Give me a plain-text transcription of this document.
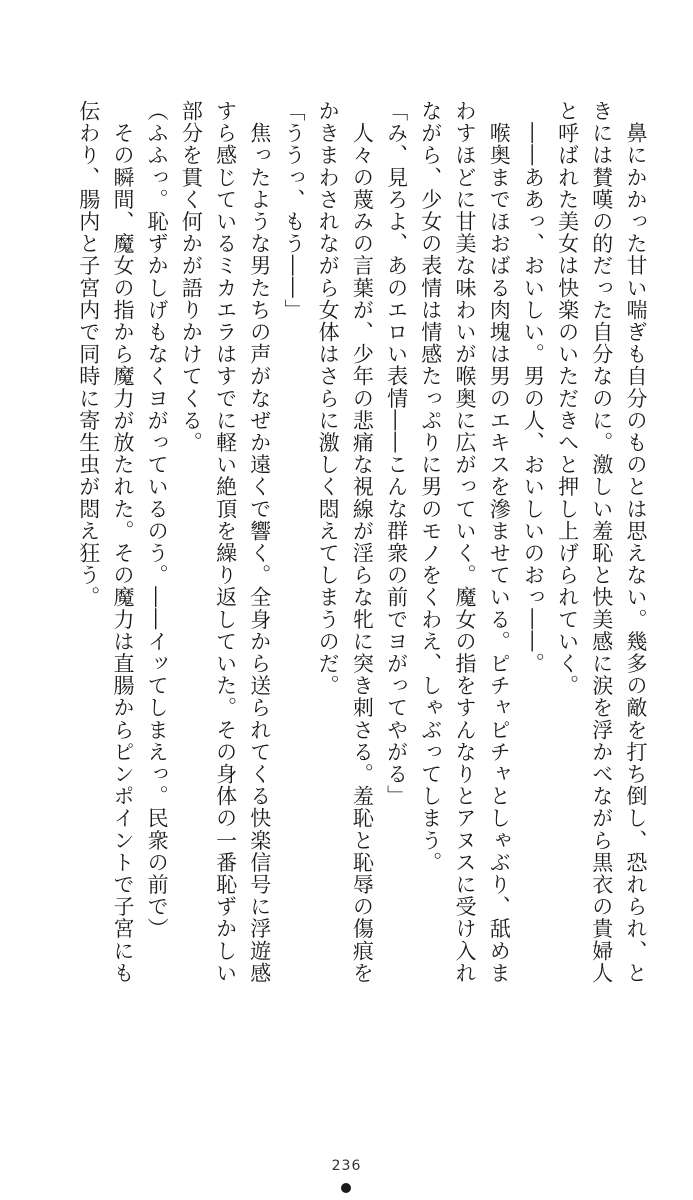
　鼻にかかった甘い喘ぎも自分のものとは思えない。幾多の敵を打ち倒し、恐れられ、と

きには賛嘆の的だった自分なのに。激しい羞恥と快美感に涙を浮かべながら黒衣の貴婦人

と呼ばれた美女は快楽のいただきへと押し上げられていく。

　――ああっ、おいしい。男の人、おいしいのおっ――。

　喉奥までほおばる肉塊は男のエキスを滲ませている。ピチャピチャとしゃぶり、舐めま

わすほどに甘美な味わいが喉奥に広がっていく。魔女の指をすんなりとアヌスに受け入れ

ながら、少女の表情は情感たっぷりに男のモノをくわえ、しゃぶってしまう。

「み、見ろよ、あのエロい表情――こんな群衆の前でヨがってやがる」

　人々の蔑みの言葉が、少年の悲痛な視線が淫らな牝に突き刺さる。羞恥と恥辱の傷痕を

かきまわされながら女体はさらに激しく悶えてしまうのだ。

「ううっ、もう――」

　焦ったような男たちの声がなぜか遠くで響く。全身から送られてくる快楽信号に浮遊感

すら感じているミカエラはすでに軽い絶頂を繰り返していた。その身体の一番恥ずかしい

部分を貫く何かが語りかけてくる。

（ふふっ。恥ずかしげもなくヨがっているのう。――イッてしまえっ。民衆の前で）

　その瞬間、魔女の指から魔力が放たれた。その魔力は直腸からピンポイントで子宮にも

伝わり、腸内と子宮内で同時に寄生虫が悶え狂う。

236
